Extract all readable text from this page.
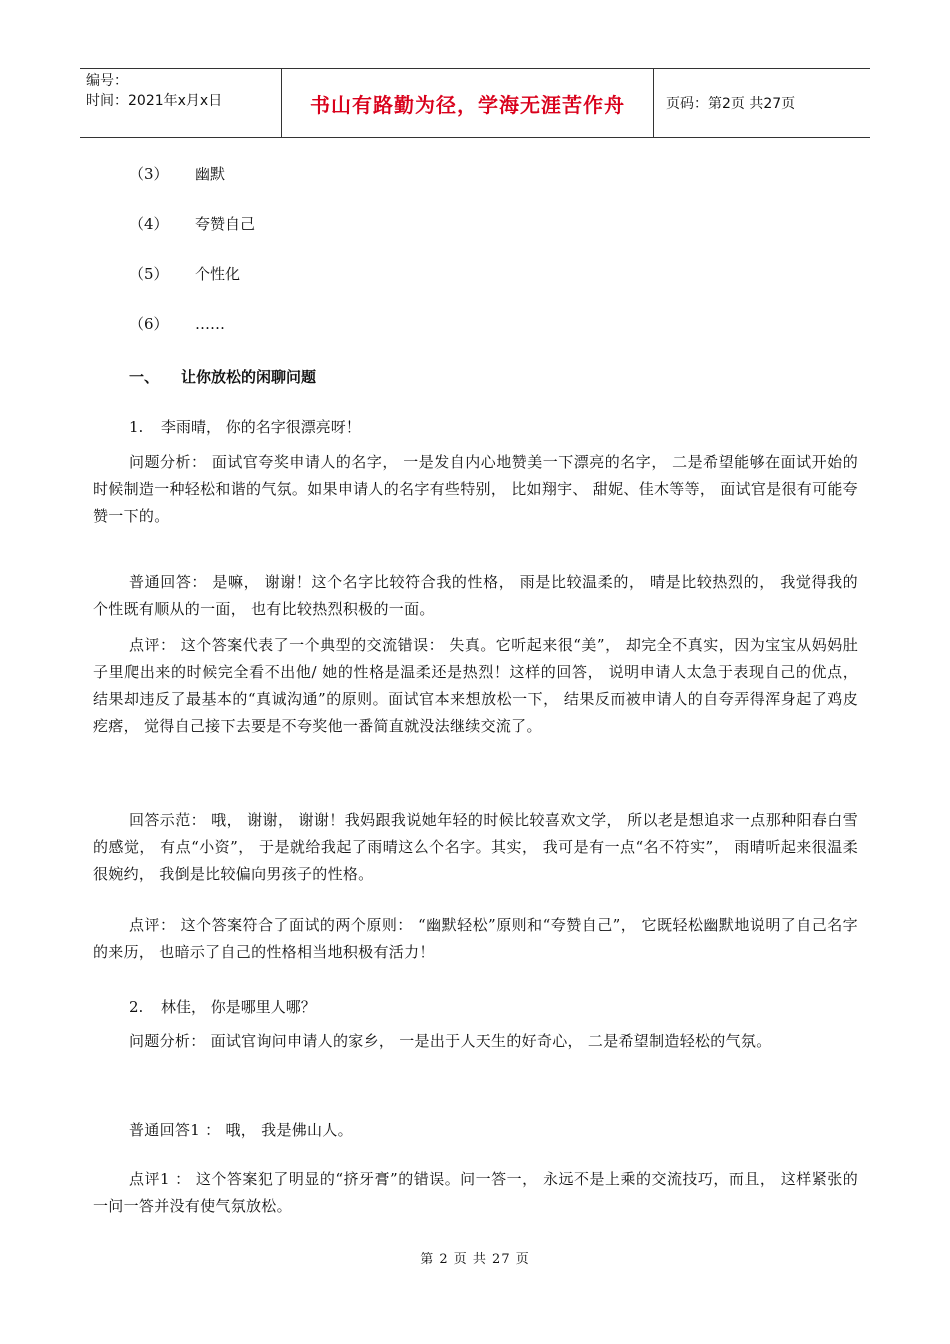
编号：
时间：2021年x月x日	书山有路勤为径，学海无涯苦作舟	页码：第2页 共27页
（3） 幽默
（4） 夸赞自己
（5） 个性化
（6） ……
一、 让你放松的闲聊问题
1. 李雨晴， 你的名字很漂亮呀！

问题分析： 面试官夸奖申请人的名字， 一是发自内心地赞美一下漂亮的名字， 二是希望能够在面试开始的时候制造一种轻松和谐的气氛。如果申请人的名字有些特别， 比如翔宇、 甜妮、佳木等等， 面试官是很有可能夸赞一下的。

普通回答： 是嘛， 谢谢！这个名字比较符合我的性格， 雨是比较温柔的， 晴是比较热烈的， 我觉得我的个性既有顺从的一面， 也有比较热烈积极的一面。

点评： 这个答案代表了一个典型的交流错误： 失真。它听起来很“美”， 却完全不真实，因为宝宝从妈妈肚子里爬出来的时候完全看不出他/ 她的性格是温柔还是热烈！这样的回答， 说明申请人太急于表现自己的优点， 结果却违反了最基本的“真诚沟通”的原则。面试官本来想放松一下， 结果反而被申请人的自夸弄得浑身起了鸡皮疙瘩， 觉得自己接下去要是不夸奖他一番简直就没法继续交流了。

回答示范： 哦， 谢谢， 谢谢！我妈跟我说她年轻的时候比较喜欢文学， 所以老是想追求一点那种阳春白雪的感觉， 有点“小资”， 于是就给我起了雨晴这么个名字。其实， 我可是有一点“名不符实”， 雨晴听起来很温柔很婉约， 我倒是比较偏向男孩子的性格。

点评： 这个答案符合了面试的两个原则： “幽默轻松”原则和“夸赞自己”， 它既轻松幽默地说明了自己名字的来历， 也暗示了自己的性格相当地积极有活力！

2. 林佳， 你是哪里人哪？

问题分析： 面试官询问申请人的家乡， 一是出于人天生的好奇心， 二是希望制造轻松的气氛。

普通回答1 ： 哦， 我是佛山人。

点评1 ： 这个答案犯了明显的“挤牙膏”的错误。问一答一， 永远不是上乘的交流技巧，而且， 这样紧张的一问一答并没有使气氛放松。

第 2 页 共 27 页
